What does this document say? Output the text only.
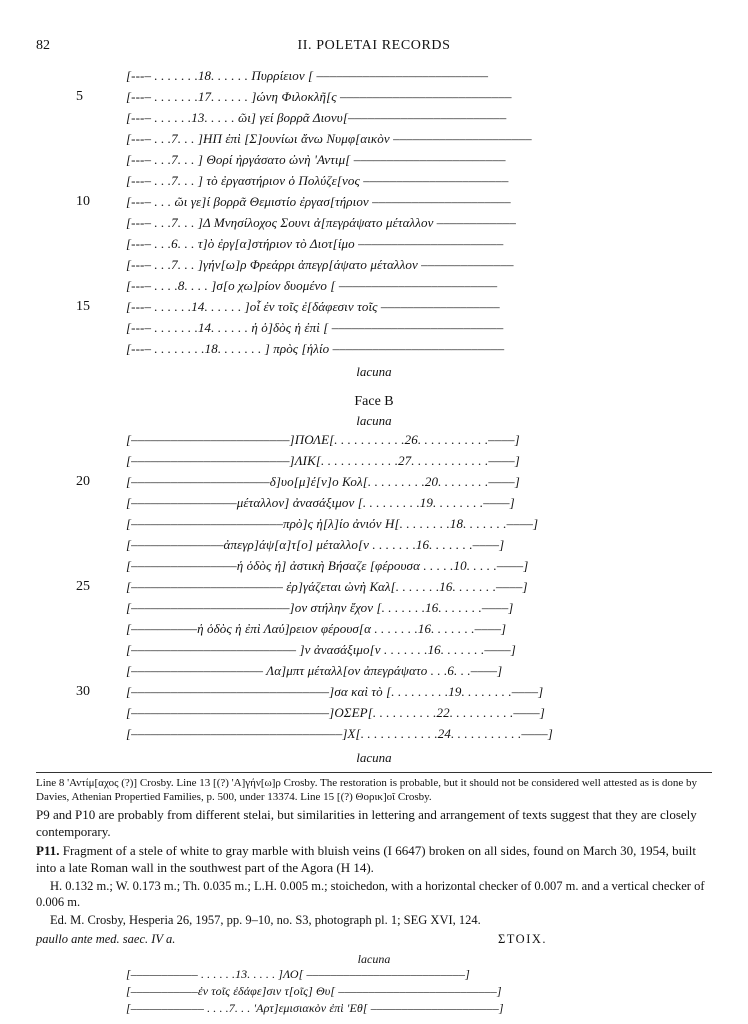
82	II. POLETAI RECORDS
[---– . . . . . . .18. . . . . . Πυρρίειον [ ––––––––––––––––––––––––––
5	[---– . . . . . . .17. . . . . . ]ώνη Φιλοκλῆ[ς ––––––––––––––––––––––––––
[---– . . . . . .13. . . . . ῶι] γεί βορρᾶ Διονυ[––––––––––––––––––––––––
[---– . . .7. . . ]ΗΠ ἐπὶ [Σ]ουνίωι ἄνω Νυμφ[αικὸν –––––––––––––––––––––
[---– . . .7. . . ] Θορί ἠργάσατο ὠνὴ 'Αντιμ[ –––––––––––––––––––––––
[---– . . .7. . . ] τὸ ἐργαστήριον ὁ Πολύζε[νος ––––––––––––––––––––––
10	[---– . . . ῶι γε]ί βορρᾶ Θεμιστίο ἐργασ[τήριον –––––––––––––––––––––
[---– . . .7. . . ]Δ Μνησίλοχος Σουνι ἀ[πεγράψατο μέταλλον ––––––––––––
[---– . . .6. . . τ]ὸ ἐργ[α]στήριον τὸ Διοτ[ίμο ––––––––––––––––––––––
[---– . . .7. . . ]γήν[ω]ρ Φρεάρρι ἀπεγρ[άψατο μέταλλον ––––––––––––––
[---– . . . .8. . . . ]σ[ο χω]ρίον δυομένο [ ––––––––––––––––––––––––
15	[---– . . . . . .14. . . . . . ]οἶ ἐν τοῖς ἐ[δάφεσιν τοῖς ––––––––––––––––––
[---– . . . . . . .14. . . . . . ἡ ὁ]δὸς ἡ ἐπὶ [ ––––––––––––––––––––––––––
[---– . . . . . . . .18. . . . . . . ] πρὸς [ἡλίο ––––––––––––––––––––––––––
lacuna
Face B
lacuna
[––––––––––––––––––––––––]ΠΟΛΕ[. . . . . . . . . . .26. . . . . . . . . . .––––]
[––––––––––––––––––––––––]ΛΙΚ[. . . . . . . . . . . .27. . . . . . . . . . . .––––]
20	[–––––––––––––––––––––δ]υο[μ]έ[ν]ο Κολ[. . . . . . . . .20. . . . . . . .––––]
[––––––––––––––––μέταλλον] ἀνασάξιμον [. . . . . . . . .19. . . . . . . .––––]
[–––––––––––––––––––––––πρὸ]ς ἡ[λ]ίο ἀνιόν Η[. . . . . . . .18. . . . . . .––––]
[––––––––––––––ἀπεγρ]άψ[α]τ[ο] μέταλλο[ν . . . . . . .16. . . . . . .––––]
[––––––––––––––––ἡ ὁδὸς ἡ] ἀστικὴ Βήσαζε [φέρουσα . . . . .10. . . . .––––]
25	[––––––––––––––––––––––– ἐρ]γάζεται ὠνὴ Καλ[. . . . . . .16. . . . . . .––––]
[––––––––––––––––––––––––]ον στήλην ἔχον [. . . . . . .16. . . . . . .––––]
[––––––––––ἡ ὁδὸς ἡ ἐπὶ Λαύ]ρειον φέρουσ[α . . . . . . .16. . . . . . .––––]
[––––––––––––––––––––––––– ]ν ἀνασάξιμο[ν . . . . . . .16. . . . . . .––––]
[–––––––––––––––––––– Λα]μπτ μέταλλ[ον ἀπεγράψατο . . .6. . .––––]
30	[––––––––––––––––––––––––––––––]σα καὶ τὸ [. . . . . . . . .19. . . . . . . .––––]
[––––––––––––––––––––––––––––––]ΟΣΕΡ[. . . . . . . . . .22. . . . . . . . . .––––]
[––––––––––––––––––––––––––––––––]Χ[. . . . . . . . . . . .24. . . . . . . . . . .––––]
lacuna
Line 8 'Αντίμ[αχος (?)] Crosby. Line 13 [(?) 'Α]γήν[ω]ρ Crosby. The restoration is probable, but it should not be considered well attested as is done by Davies, Athenian Propertied Families, p. 500, under 13374. Line 15 [(?) Θορικ]οῖ Crosby.
P9 and P10 are probably from different stelai, but similarities in lettering and arrangement of texts suggest that they are closely contemporary.
P11. Fragment of a stele of white to gray marble with bluish veins (I 6647) broken on all sides, found on March 30, 1954, built into a late Roman wall in the southwest part of the Agora (H 14).
H. 0.132 m.; W. 0.173 m.; Th. 0.035 m.; L.H. 0.005 m.; stoichedon, with a horizontal checker of 0.007 m. and a vertical checker of 0.006 m.
Ed. M. Crosby, Hesperia 26, 1957, pp. 9–10, no. S3, photograph pl. 1; SEG XVI, 124.
paullo ante med. saec. IV a.	ΣΤΟΙΧ.
lacuna
[––––––––––– . . . . . .13. . . . . ]ΛΟ[ ––––––––––––––––––––––––––]
[–––––––––––ἐν τοῖς ἐδάφε]σιν τ[οῖς] Θυ[ ––––––––––––––––––––––––––]
[–––––––––––– . . . .7. . . 'Αρτ]εμισιακὸν ἐπὶ 'Εθ[ –––––––––––––––––––––]
